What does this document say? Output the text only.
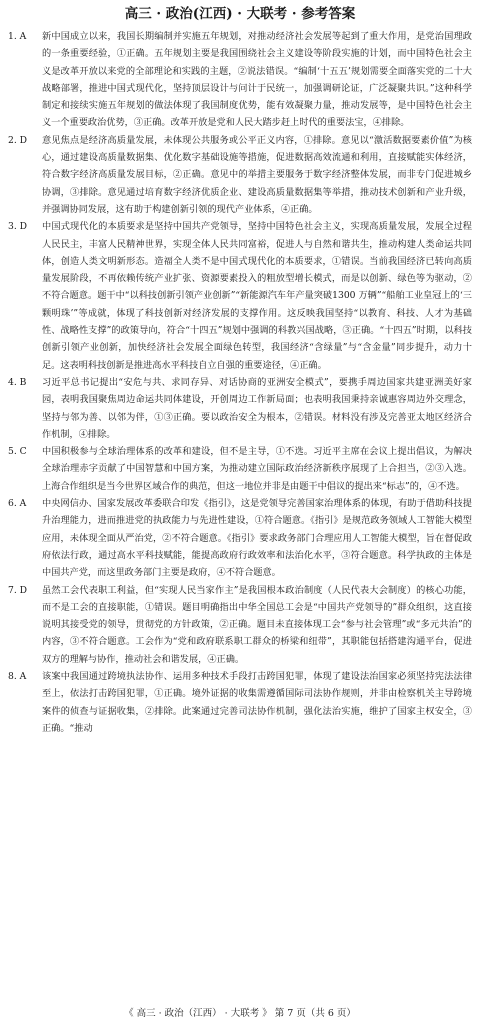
高三 · 政治(江西) · 大联考 · 参考答案
1. A	新中国成立以来，我国长期编制并实施五年规划，对推动经济社会发展等起到了重大作用，是党治国理政的一条重要经验，①正确。五年规划主要是我国围绕社会主义建设等阶段实施的计划，而中国特色社会主义是改革开放以来党的全部理论和实践的主题，②说法错误。“编制‘十五五’规划需要全面落实党的二十大战略部署，推进中国式现代化，坚持顶层设计与问计于民统一，加强调研论证，广泛凝聚共识。”这种科学制定和接续实施五年规划的做法体现了我国制度优势，能有效凝聚力量，推动发展等，是中国特色社会主义一个重要政治优势，③正确。改革开放是党和人民大踏步赶上时代的重要法宝，④排除。
2. D	意见焦点是经济高质量发展，未体现公共服务或公平正义内容，①排除。意见以“激活数据要素价值”为核心，通过建设高质量数据集、优化数字基础设施等措施，促进数据高效流通和利用，直接赋能实体经济，符合数字经济高质量发展目标，②正确。意见中的举措主要服务于数字经济整体发展，而非专门促进城乡协调，③排除。意见通过培育数字经济优质企业、建设高质量数据集等举措，推动技术创新和产业升级，并强调协同发展，这有助于构建创新引领的现代产业体系，④正确。
3. D	中国式现代化的本质要求是坚持中国共产党领导，坚持中国特色社会主义，实现高质量发展，发展全过程人民民主，丰富人民精神世界，实现全体人民共同富裕，促进人与自然和谐共生，推动构建人类命运共同体，创造人类文明新形态。造福全人类不是中国式现代化的本质要求，①错误。当前我国经济已转向高质量发展阶段，不再依赖传统产业扩张、资源要素投入的粗放型增长模式，而是以创新、绿色等为驱动，②不符合题意。题干中“以科技创新引领产业创新”“新能源汽车年产量突破1300 万辆”“船舶工业皇冠上的‘三颗明珠’”等成就，体现了科技创新对经济发展的支撑作用。这反映我国坚持“以教育、科技、人才为基础性、战略性支撑”的政策导向，符合“十四五”规划中强调的科教兴国战略，③正确。“十四五”时期，以科技创新引领产业创新，加快经济社会发展全面绿色转型，我国经济“含绿量”与“含金量”同步提升，动力十足。这表明科技创新是推进高水平科技自立自强的重要途径，④正确。
4. B	习近平总书记提出“安危与共、求同存异、对话协商的亚洲安全模式”，要携手周边国家共建亚洲美好家园，表明我国聚焦周边命运共同体建设，开创周边工作新局面；也表明我国秉持亲诚惠容周边外交理念，坚持与邻为善、以邻为伴，①③正确。要以政治安全为根本，②错误。材料没有涉及完善亚太地区经济合作机制，④排除。
5. C	中国积极参与全球治理体系的改革和建设，但不是主导，①不选。习近平主席在会议上提出倡议，为解决全球治理赤字贡献了中国智慧和中国方案，为推动建立国际政治经济新秩序展现了上合担当，②③入选。上海合作组织是当今世界区域合作的典范，但这一地位并非是由题干中倡议的提出来“标志”的，④不选。
6. A	中央网信办、国家发展改革委联合印发《指引》，这是党领导完善国家治理体系的体现，有助于借助科技提升治理能力，进而推进党的执政能力与先进性建设，①符合题意。《指引》是规范政务领域人工智能大模型应用，未体现全面从严治党，②不符合题意。《指引》要求政务部门合理应用人工智能大模型，旨在督促政府依法行政，通过高水平科技赋能，能提高政府行政效率和法治化水平，③符合题意。科学执政的主体是中国共产党，而这里政务部门主要是政府，④不符合题意。
7. D	虽然工会代表职工利益，但“实现人民当家作主”是我国根本政治制度（人民代表大会制度）的核心功能，而不是工会的直接职能，①错误。题目明确指出中华全国总工会是“中国共产党领导的”群众组织，这直接说明其接受党的领导，贯彻党的方针政策，②正确。题目未直接体现工会“参与社会管理”或“多元共治”的内容，③不符合题意。工会作为“党和政府联系职工群众的桥梁和纽带”，其职能包括搭建沟通平台，促进双方的理解与协作，推动社会和谐发展，④正确。
8. A	该案中我国通过跨境执法协作、运用多种技术手段打击跨国犯罪，体现了建设法治国家必须坚持宪法法律至上，依法打击跨国犯罪，①正确。境外证据的收集需遵循国际司法协作规则，并非由检察机关主导跨境案件的侦查与证据收集，②排除。此案通过完善司法协作机制，强化法治实施，维护了国家主权安全，③正确。“推动
《 高三 · 政治（江西） · 大联考 》 第 7 页（共 6 页）
